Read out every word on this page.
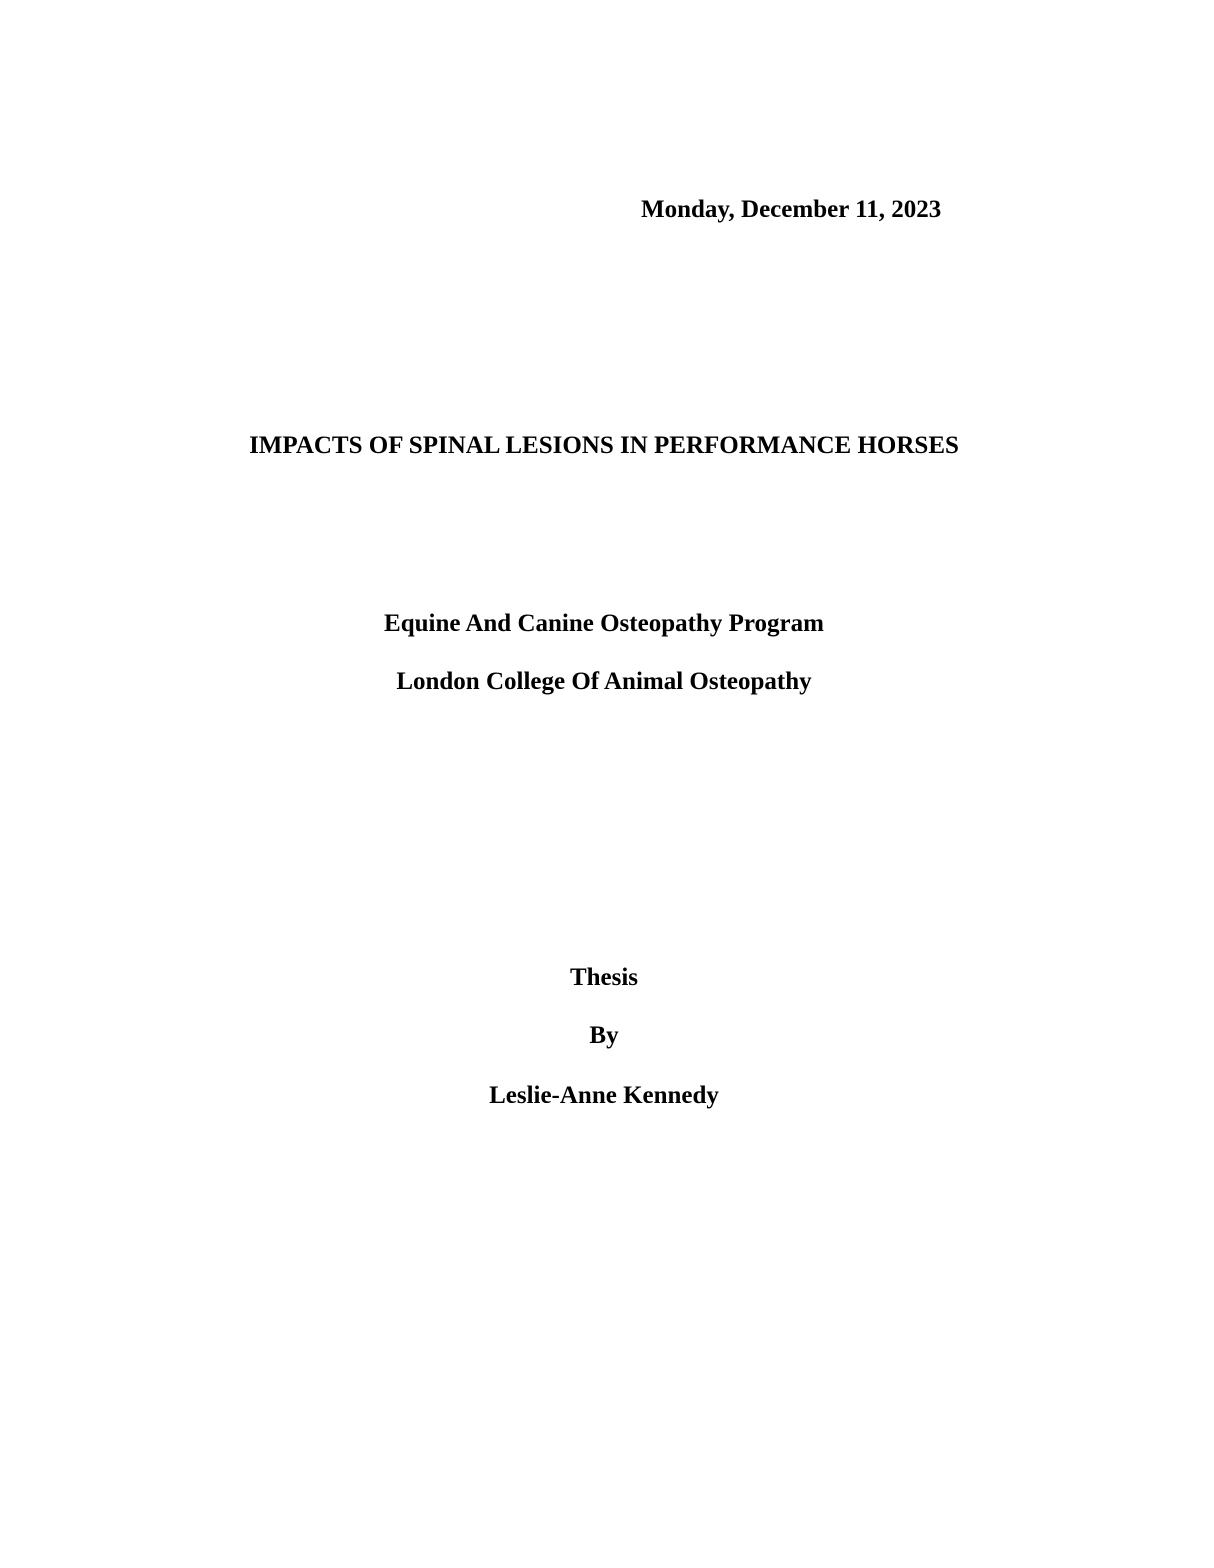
Monday, December 11, 2023

IMPACTS OF SPINAL LESIONS IN PERFORMANCE HORSES

Equine And Canine Osteopathy Program

London College Of Animal Osteopathy

Thesis

By

Leslie-Anne Kennedy
